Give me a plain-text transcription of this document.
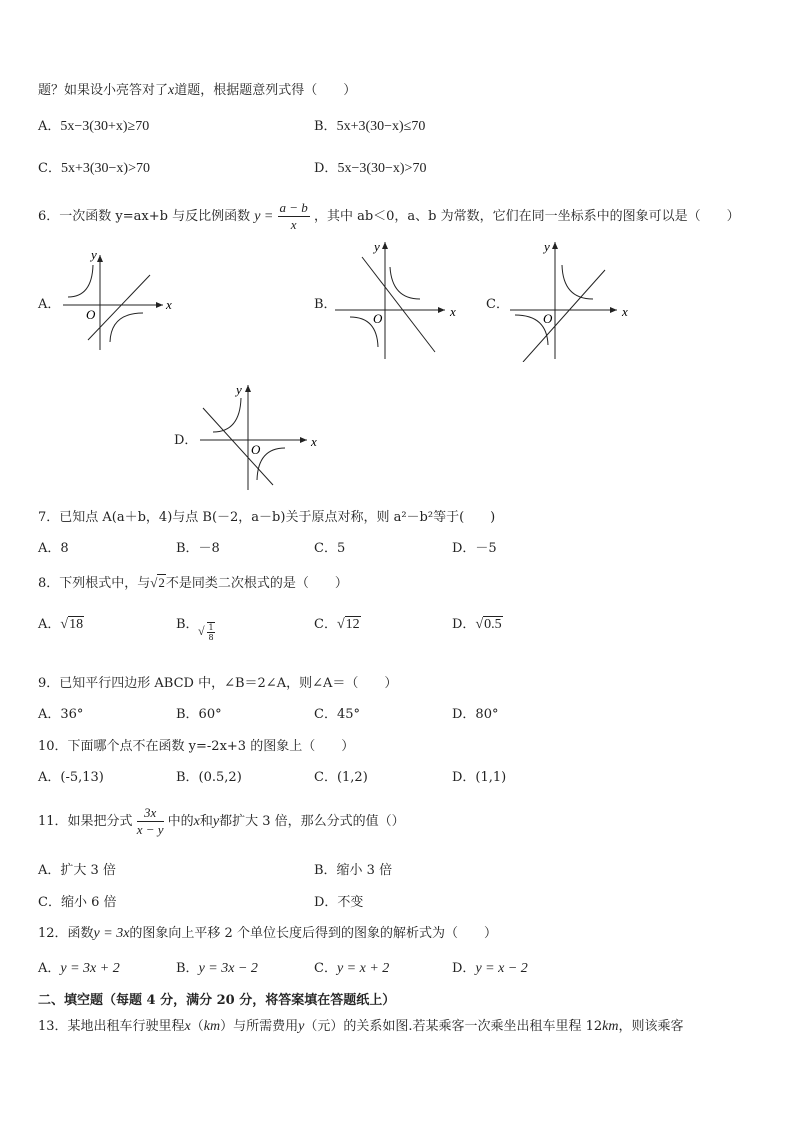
题？如果设小亮答对了x道题，根据题意列式得（　　）
A．5x−3(30+x)≥70	B．5x+3(30−x)≤70
C．5x+3(30−x)>70	D．5x−3(30−x)>70
6．一次函数 y=ax+b 与反比例函数 $y = \frac{a - b}{x}$ ，其中 ab＜0，a、b 为常数，它们在同一坐标系中的图象可以是（　　）
A．
y
x
O
B．
y
x
O
C．
y
x
O
D．
y
x
O
7．已知点 A(a＋b，4)与点 B(－2，a－b)关于原点对称，则 a²－b²等于(　　)
A．8	B．－8	C．5	D．－5
8．下列根式中，与√2不是同类二次根式的是（　　）
A．√18	B． √ 1
8
C．√12	D．√0.5
9．已知平行四边形 ABCD 中，∠B＝2∠A，则∠A＝（　　）
A．36°	B．60°	C．45°	D．80°
10．下面哪个点不在函数 y=-2x+3 的图象上（　　）
A．(-5,13)	B．(0.5,2)	C．(1,2)	D．(1,1)
11．如果把分式 $\frac{3x}{x - y}$ 中的x和y都扩大 3 倍，那么分式的值（）
A．扩大 3 倍	B．缩小 3 倍
C．缩小 6 倍	D．不变
12．函数y = 3x的图象向上平移 2 个单位长度后得到的图象的解析式为（　　）
A．y = 3x + 2	B．y = 3x − 2	C．y = x + 2	D．y = x − 2
二、填空题（每题 4 分，满分 20 分，将答案填在答题纸上）
13．某地出租车行驶里程x（km）与所需费用y（元）的关系如图.若某乘客一次乘坐出租车里程 12km，则该乘客
